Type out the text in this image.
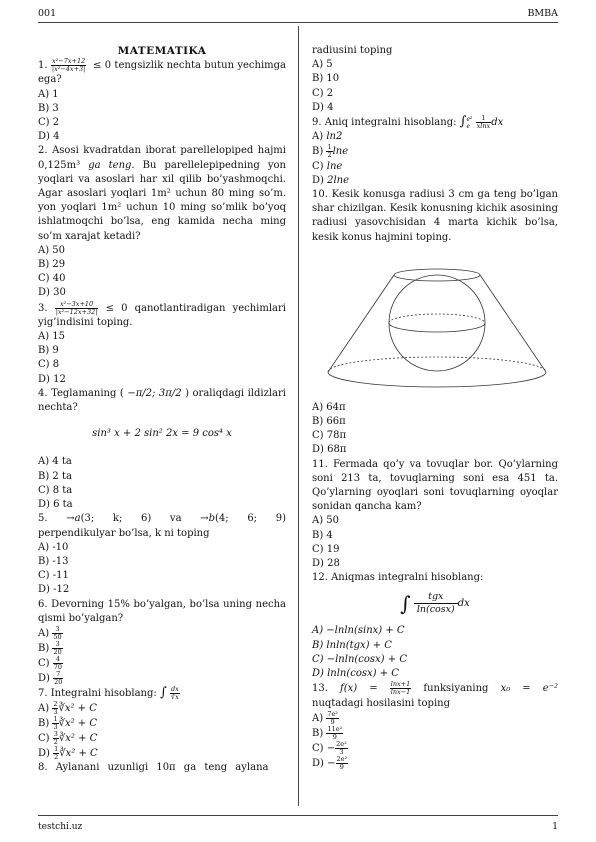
001	BMBA
MATEMATIKA
1. $\frac{\text{x²−7x+12}}{\text{|x²−4x+3|}} \le 0$ tengsizlik nechta butun yechimga ega?
A) 1
B) 3
C) 2
D) 4
2. Asosi kvadratdan iborat parellelopiped hajmi 0,125m³ ga teng. Bu parellelepipedning yon yoqlari va asoslari har xil qilib bo’yashmoqchi. Agar asoslari yoqlari 1m² uchun 80 ming so’m. yon yoqlari 1m² uchun 10 ming so’mlik bo’yoq ishlatmoqchi bo’lsa, eng kamida necha ming so’m xarajat ketadi?
A) 50
B) 29
C) 40
D) 30
3. $\frac{\text{x²−3x+10}}{\text{|x²−12x+32|}} \le 0$ qanotlantiradigan yechimlari yig’indisini toping.
A) 15
B) 9
C) 8
D) 12
4. Teglamaning ( −π/2; 3π/2 ) oraliqdagi ildizlari nechta?
sin³ x + 2 sin² 2x = 9 cos⁴ x
A) 4 ta
B) 2 ta
C) 8 ta
D) 6 ta
5. →a(3; k; 6) va →b(4; 6; 9) perpendikulyar bo’lsa, k ni toping
A) -10
B) -13
C) -11
D) -12
6. Devorning 15% bo’yalgan, bo’lsa uning necha qismi bo’yalgan?
$A) \frac{3}{50}$
$B) \frac{3}{20}$
$C) \frac{4}{70}$
$D) \frac{7}{20}$
7. Integralni hisoblang: ∫ $\frac{dx}{∛x}$
$A) \frac{2}{3}$ ∛x² + C
$B) \frac{1}{3}$ ∛x² + C
$C) \frac{3}{2}$ ∛x² + C
$D) \frac{1}{2}$ ∛x² + C
8. Aylanani uzunligi 10π ga teng aylana
radiusini toping
A) 5
B) 10
C) 2
D) 4
9. Aniq integralni hisoblang: ∫ e²
e
$\frac{1}{xlnx}$ dx
A) ln2
$B) \frac{1}{2}$ lne
C) lne
D) 2lne
10. Kesik konusga radiusi 3 cm ga teng bo’lgan shar chizilgan. Kesik konusning kichik asosining radiusi yasovchisidan 4 marta kichik bo’lsa, kesik konus hajmini toping.
A) 64π
B) 66π
C) 78π
D) 68π
11. Fermada qo’y va tovuqlar bor. Qo’ylarning soni 213 ta, tovuqlarning soni esa 451 ta. Qo’ylarning oyoqlari soni tovuqlarning oyoqlar sonidan qancha kam?
A) 50
B) 4
C) 19
D) 28
12. Aniqmas integralni hisoblang:
∫	tgx
ln(cosx)
dx
A) −lnln(sinx) + C
B) lnln(tgx) + C
C) −lnln(cosx) + C
D) lnln(cosx) + C
13. $f(x) = \frac{\ln x+1}{\ln x-1}$ funksiyaning x₀ = e⁻² nuqtadagi hosilasini toping
$A) \frac{\text{7e²}}{9}$
$B) \frac{\text{11e²}}{9}$
$C) - \frac{\text{2e²}}{3}$
$D) - \frac{\text{2e²}}{9}$
testchi.uz	1
